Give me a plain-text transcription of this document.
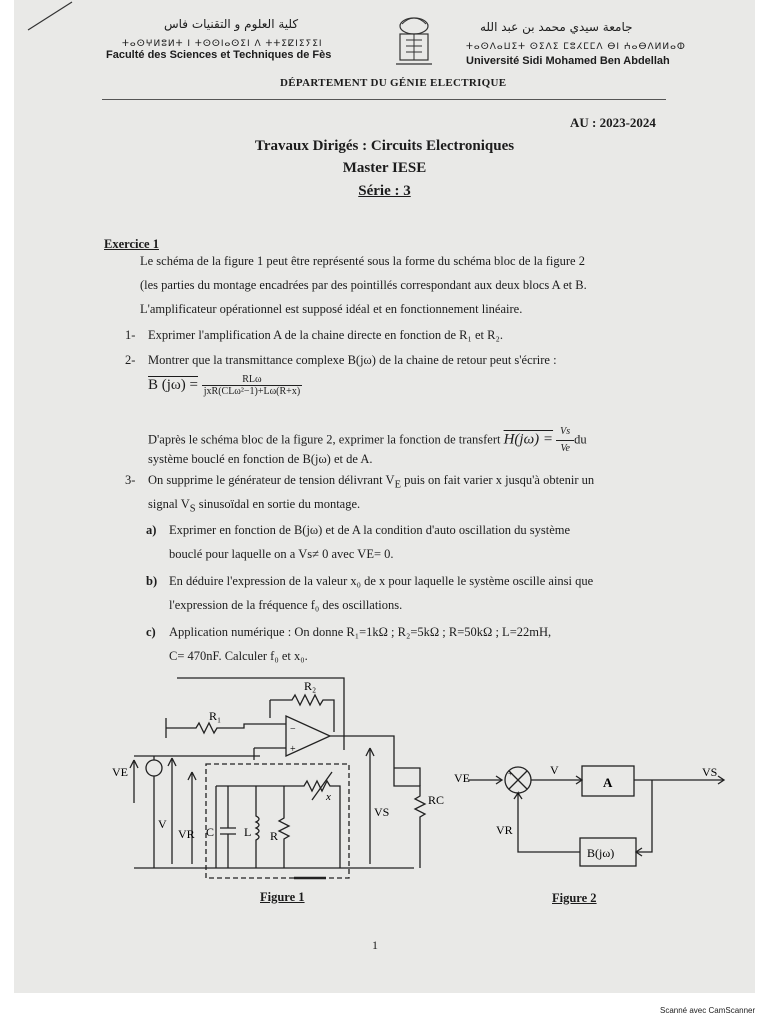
كلية العلوم و التقنيات فاس
ⵜⴰⵙⵖⵍⵓⵍⵜ ⵏ ⵜⵙⵙⵏⴰⵙⵉⵏ ⴷ ⵜⵜⵉⵇⵏⵉⵢⵉⵏ
Faculté des Sciences et Techniques de Fès
جامعة سيدي محمد بن عبد الله
ⵜⴰⵙⴷⴰⵡⵉⵜ ⵙⵉⴷⵉ ⵎⵓⵃⵎⵎⴷ ⴱⵏ ⵄⴰⴱⴷⵍⵍⴰⵀ
Université Sidi Mohamed Ben Abdellah
DÉPARTEMENT DU GÉNIE ELECTRIQUE
AU : 2023-2024
Travaux Dirigés : Circuits Electroniques
Master IESE
Série : 3
Exercice 1
Le schéma de la figure 1 peut être représenté sous la forme du schéma bloc de la figure 2
(les parties du montage encadrées par des pointillés correspondant aux deux blocs A et B.
L'amplificateur opérationnel est supposé idéal et en fonctionnement linéaire.
1- Exprimer l'amplification A de la chaine directe en fonction de R₁ et R₂.
2- Montrer que la transmittance complexe B(jω) de la chaine de retour peut s'écrire :
B $(j\omega) = \frac{\text{RLω}}{\text{jxR(CLω²−1)+Lω(R+x)}}$
D'après le schéma bloc de la figure 2, exprimer la fonction de transfert $H(j\omega) = \frac{Vs}{Ve}$ du
système bouclé en fonction de B(jω) et de A.
3- On supprime le générateur de tension délivrant $V_E$ puis on fait varier x jusqu'à obtenir un
signal $V_S$ sinusoïdal en sortie du montage.
a) Exprimer en fonction de B(jω) et de A la condition d'auto oscillation du système
bouclé pour laquelle on a Vs≠ 0 avec VE= 0.
b) En déduire l'expression de la valeur x₀ de x pour laquelle le système oscille ainsi que
l'expression de la fréquence f₀ des oscillations.
c) Application numérique : On donne R₁=1kΩ ; R₂=5kΩ ; R=50kΩ ; L=22mH,
C= 470nF. Calculer f₀ et x₀.
R₂
R₁
−
+
VE
V
VR C L R
x
VS
RC
Figure 1
VE	+
+
V
A
VS
VR
B(jω)
Figure 2
1
Scanné avec CamScanner
